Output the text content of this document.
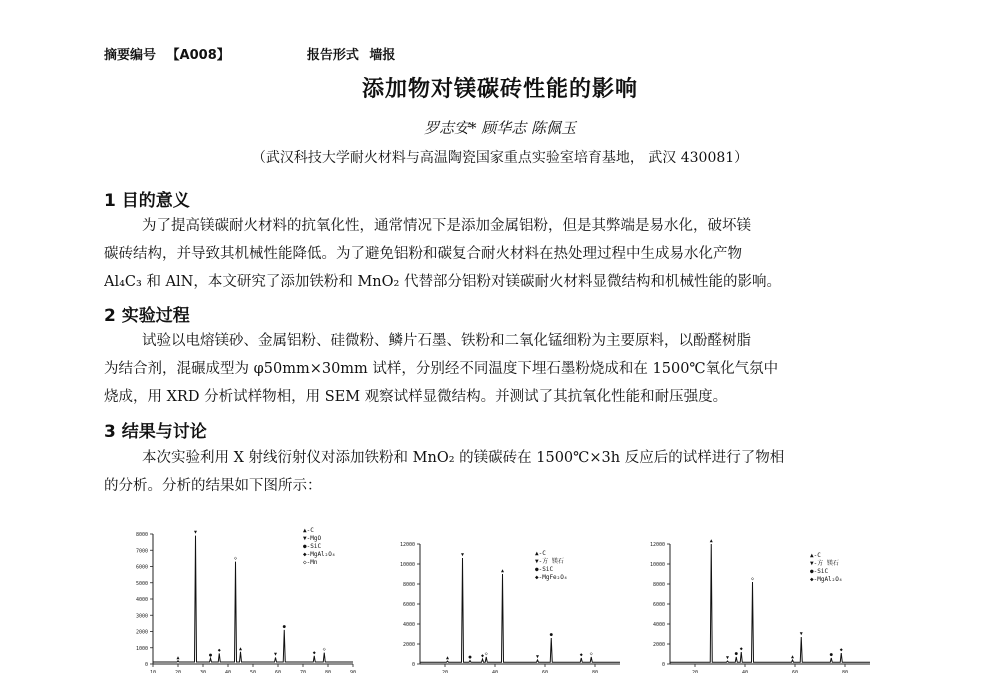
摘要编号 【A008】	报告形式 墙报
添加物对镁碳砖性能的影响
罗志安* 顾华志 陈佩玉
（武汉科技大学耐火材料与高温陶瓷国家重点实验室培育基地， 武汉 430081）
1 目的意义
为了提高镁碳耐火材料的抗氧化性，通常情况下是添加金属铝粉，但是其弊端是易水化，破坏镁
碳砖结构，并导致其机械性能降低。为了避免铝粉和碳复合耐火材料在热处理过程中生成易水化产物
Al₄C₃ 和 AlN，本文研究了添加铁粉和 MnO₂ 代替部分铝粉对镁碳耐火材料显微结构和机械性能的影响。
2 实验过程
试验以电熔镁砂、金属铝粉、硅微粉、鳞片石墨、铁粉和二氧化锰细粉为主要原料，以酚醛树脂
为结合剂，混碾成型为 φ50mm×30mm 试样，分别经不同温度下埋石墨粉烧成和在 1500℃氧化气氛中
烧成，用 XRD 分析试样物相，用 SEM 观察试样显微结构。并测试了其抗氧化性能和耐压强度。
3 结果与讨论
本次实验利用 X 射线衍射仪对添加铁粉和 MnO₂ 的镁碳砖在 1500℃×3h 反应后的试样进行了物相
的分析。分析的结果如下图所示：
0
1000
2000
3000
4000
5000
6000
7000
8000
10	20	30	40	50	60	70	80	90
▲
▼
●
◆
◇
▲
▼
●
◆
◇
▲-C
▼-MgO
●-SiC
◆-MgAl₂O₄
◇-Mn
0
2000
4000
6000
8000
10000
12000
20	40	60	80
▲
▼
● ◆ ◇
▲
▼
●
◆ ◇
▲-C
▼-方 镁石
●-SiC
◆-MgFe₂O₄
0
2000
4000
6000
8000
10000
12000
20	40	60	80
▲
▼
●
◆
◇
▲
▼
●
◆
▲-C
▼-方 镁石
●-SiC
◆-MgAl₂O₄
